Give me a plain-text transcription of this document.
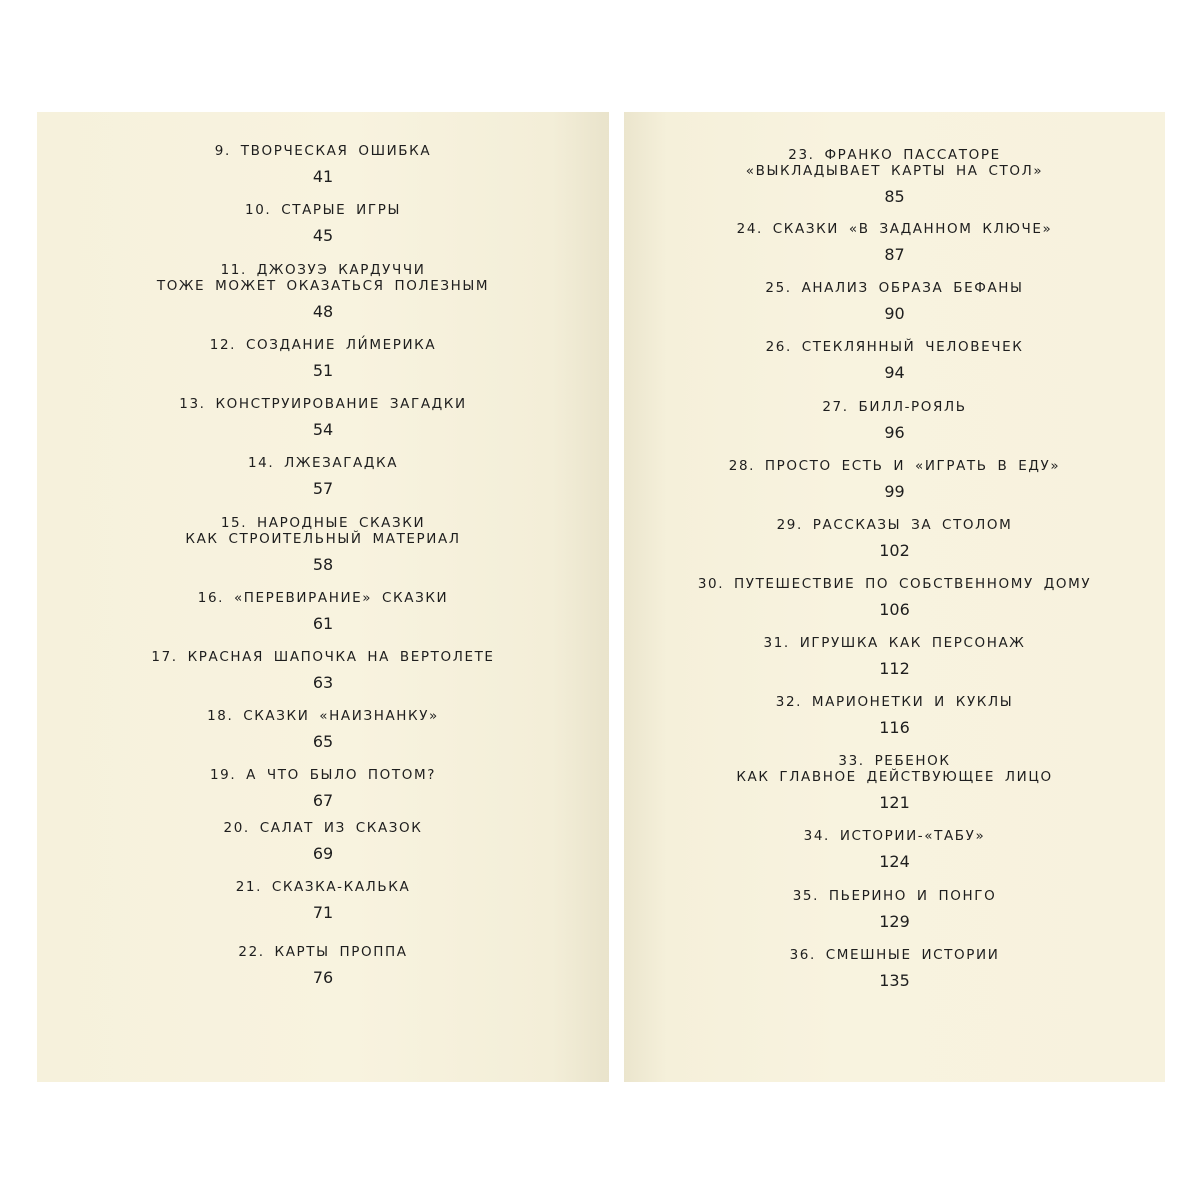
9. ТВОРЧЕСКАЯ ОШИБКА
41
10. СТАРЫЕ ИГРЫ
45
11. ДЖОЗУЭ КАРДУЧЧИ
ТОЖЕ МОЖЕТ ОКАЗАТЬСЯ ПОЛЕЗНЫМ
48
12. СОЗДАНИЕ ЛИ́МЕРИКА
51
13. КОНСТРУИРОВАНИЕ ЗАГАДКИ
54
14. ЛЖЕЗАГАДКА
57
15. НАРОДНЫЕ СКАЗКИ
КАК СТРОИТЕЛЬНЫЙ МАТЕРИАЛ
58
16. «ПЕРЕВИРАНИЕ» СКАЗКИ
61
17. КРАСНАЯ ШАПОЧКА НА ВЕРТОЛЕТЕ
63
18. СКАЗКИ «НАИЗНАНКУ»
65
19. А ЧТО БЫЛО ПОТОМ?
67
20. САЛАТ ИЗ СКАЗОК
69
21. СКАЗКА-КАЛЬКА
71
22. КАРТЫ ПРОППА
76
23. ФРАНКО ПАССАТОРЕ
«ВЫКЛАДЫВАЕТ КАРТЫ НА СТОЛ»
85
24. СКАЗКИ «В ЗАДАННОМ КЛЮЧЕ»
87
25. АНАЛИЗ ОБРАЗА БЕФАНЫ
90
26. СТЕКЛЯННЫЙ ЧЕЛОВЕЧЕК
94
27. БИЛЛ-РОЯЛЬ
96
28. ПРОСТО ЕСТЬ И «ИГРАТЬ В ЕДУ»
99
29. РАССКАЗЫ ЗА СТОЛОМ
102
30. ПУТЕШЕСТВИЕ ПО СОБСТВЕННОМУ ДОМУ
106
31. ИГРУШКА КАК ПЕРСОНАЖ
112
32. МАРИОНЕТКИ И КУКЛЫ
116
33. РЕБЕНОК
КАК ГЛАВНОЕ ДЕЙСТВУЮЩЕЕ ЛИЦО
121
34. ИСТОРИИ-«ТАБУ»
124
35. ПЬЕРИНО И ПОНГО
129
36. СМЕШНЫЕ ИСТОРИИ
135
